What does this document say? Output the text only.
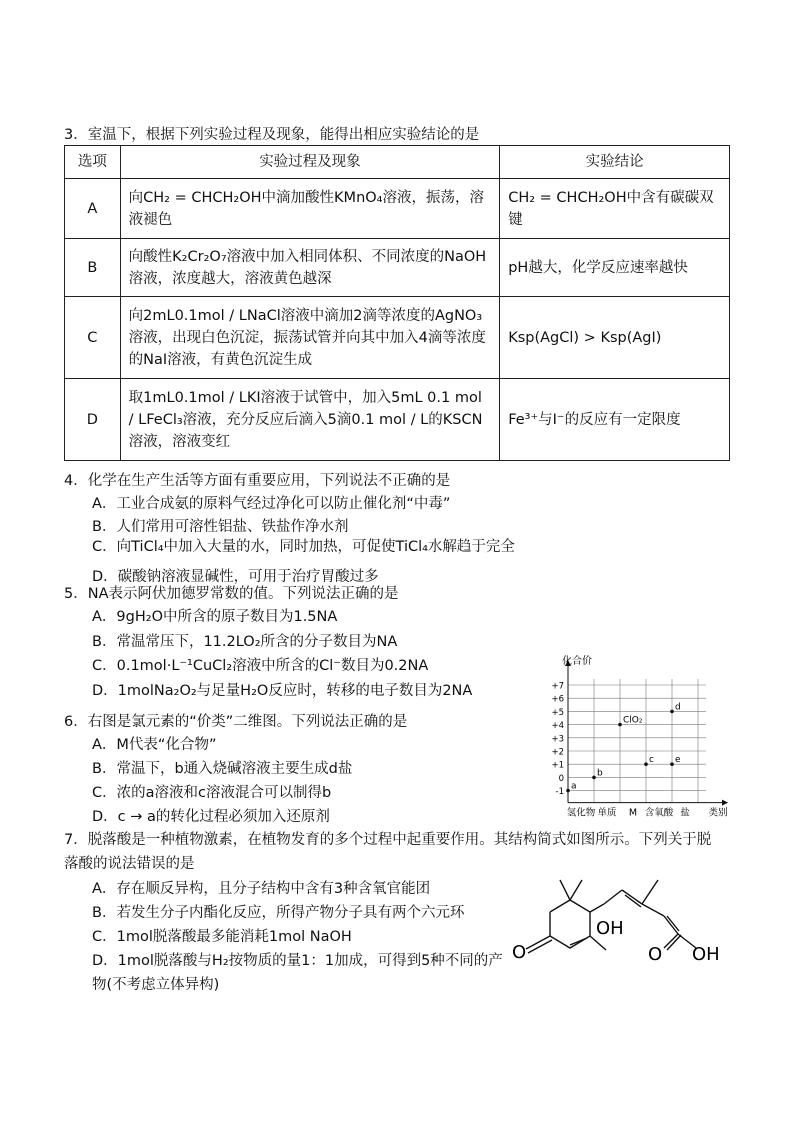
3．室温下，根据下列实验过程及现象，能得出相应实验结论的是
选项	实验过程及现象	实验结论
A	向CH₂ = CHCH₂OH中滴加酸性KMnO₄溶液，振荡，溶液褪色	CH₂ = CHCH₂OH中含有碳碳双键
B	向酸性K₂Cr₂O₇溶液中加入相同体积、不同浓度的NaOH溶液，浓度越大，溶液黄色越深	pH越大，化学反应速率越快
C	向2mL0.1mol / LNaCl溶液中滴加2滴等浓度的AgNO₃溶液，出现白色沉淀，振荡试管并向其中加入4滴等浓度的NaI溶液，有黄色沉淀生成	Ksp(AgCl) > Ksp(AgI)
D	取1mL0.1mol / LKI溶液于试管中，加入5mL 0.1 mol / LFeCl₃溶液，充分反应后滴入5滴0.1 mol / L的KSCN溶液，溶液变红	Fe³⁺与I⁻的反应有一定限度
4．化学在生产生活等方面有重要应用，下列说法不正确的是
A．工业合成氨的原料气经过净化可以防止催化剂“中毒”
B．人们常用可溶性铝盐、铁盐作净水剂
C．向TiCl₄中加入大量的水，同时加热，可促使TiCl₄水解趋于完全
D．碳酸钠溶液显碱性，可用于治疗胃酸过多
5．NA表示阿伏加德罗常数的值。下列说法正确的是
A．9gH₂O中所含的原子数目为1.5NA
B．常温常压下，11.2LO₂所含的分子数目为NA
C．0.1mol·L⁻¹CuCl₂溶液中所含的Cl⁻数目为0.2NA
D．1molNa₂O₂与足量H₂O反应时，转移的电子数目为2NA
6．右图是氯元素的“价类”二维图。下列说法正确的是
A．M代表“化合物”
B．常温下，b通入烧碱溶液主要生成d盐
C．浓的a溶液和c溶液混合可以制得b
D．c → a的转化过程必须加入还原剂
化合价
+7
+6
+5
+4
+3
+2
+1
0
-1
氢化物 单质 M 含氧酸 盐 类别
a
b
ClO₂
c
d
e
7．脱落酸是一种植物激素，在植物发育的多个过程中起重要作用。其结构简式如图所示。下列关于脱落酸的说法错误的是
A．存在顺反异构，且分子结构中含有3种含氧官能团
B．若发生分子内酯化反应，所得产物分子具有两个六元环
C．1mol脱落酸最多能消耗1mol NaOH
D．1mol脱落酸与H₂按物质的量1：1加成，可得到5种不同的产物(不考虑立体异构)
O
OH
O OH
